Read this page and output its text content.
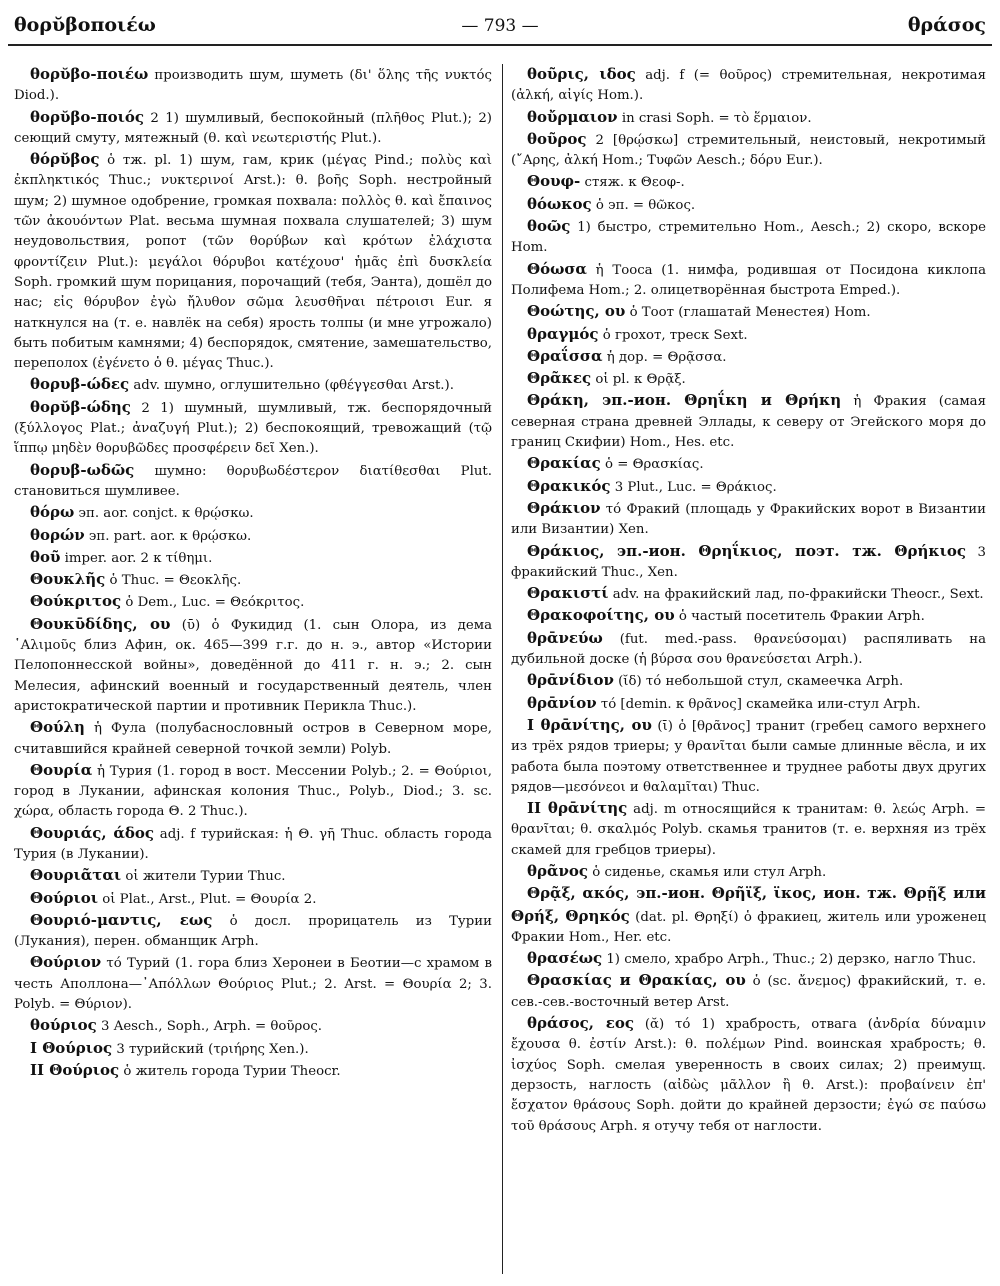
θορῠβοποιέω	— 793 —	θράσος

θορῠβο-ποιέω производить шум, шуметь (δι' ὅλης τῆς νυκτός Diod.).

θορῠβο-ποιός 2 1) шумливый, беспокойный (πλῆθος Plut.); 2) сеющий смуту, мятежный (θ. καὶ νεωτεριστής Plut.).

θόρῠβος ὁ тж. pl. 1) шум, гам, крик (μέγας Pind.; πολὺς καὶ ἐκπληκτικός Thuc.; νυκτερινοί Arst.): θ. βοῆς Soph. нестройный шум; 2) шумное одобрение, громкая похвала: πολλὸς θ. καὶ ἔπαινος τῶν ἀκουόντων Plat. весьма шумная похвала слушателей; 3) шум неудовольствия, ропот (τῶν θορύβων καὶ κρότων ἐλάχιστα φροντίζειν Plut.): μεγάλοι θόρυβοι κατέχουσ' ἡμᾶς ἐπὶ δυσκλεία Soph. громкий шум порицания, порочащий (тебя, Эанта), дошёл до нас; εἰς θόρυβον ἐγὼ ἤλυθον σῶμα λευσθῆναι πέτροισι Eur. я наткнулся на (т. е. навлёк на себя) ярость толпы (и мне угрожало) быть побитым камнями; 4) беспорядок, смятение, замешательство, переполох (ἐγένετο ὁ θ. μέγας Thuc.).

θορυβ-ώδες adv. шумно, оглушительно (φθέγγεσθαι Arst.).

θορῠβ-ώδης 2 1) шумный, шумливый, тж. беспорядочный (ξύλλογος Plat.; ἀναζυγή Plut.); 2) беспокоящий, тревожащий (τῷ ἵππῳ μηδὲν θορυβῶδες προσφέρειν δεῖ Xen.).

θορυβ-ωδῶς шумно: θορυβωδέστερον διατίθεσθαι Plut. становиться шумливее.

θόρω эп. aor. conjct. к θρῴσκω.

θορών эп. part. aor. к θρῴσκω.

θοῦ imper. aor. 2 к τίθημι.

Θουκλῆς ὁ Thuc. = Θεοκλῆς.

Θούκριτος ὁ Dem., Luc. = Θεόκριτος.

Θουκῡδίδης, ου (ῡ) ὁ Фукидид (1. сын Олора, из дема ῾Αλιμοῦς близ Афин, ок. 465—399 г.г. до н. э., автор «Истории Пелопоннесской войны», доведённой до 411 г. н. э.; 2. сын Мелесия, афинский военный и государственный деятель, член аристократической партии и противник Перикла Thuc.).

Θούλη ἡ Фула (полубаснословный остров в Северном море, считавшийся крайней северной точкой земли) Polyb.

Θουρία ἡ Турия (1. город в вост. Мессении Polyb.; 2. = Θούριοι, город в Лукании, афинская колония Thuc., Polyb., Diod.; 3. sc. χώρα, область города Θ. 2 Thuc.).

Θουριάς, άδος adj. f турийская: ἡ Θ. γῆ Thuc. область города Турия (в Лукании).

Θουριᾶται οἱ жители Турии Thuc.

Θούριοι οἱ Plat., Arst., Plut. = Θουρία 2.

Θουριό-μαντις, εως ὁ досл. прорицатель из Турии (Лукания), перен. обманщик Arph.

Θούριον τό Турий (1. гора близ Херонеи в Беотии—с храмом в честь Аполлона—᾿Απόλλων Θούριος Plut.; 2. Arst. = Θουρία 2; 3. Polyb. = Θύριον).

θούριος 3 Aesch., Soph., Arph. = θοῦρος.

I Θούριος 3 турийский (τριήρης Xen.).

II Θούριος ὁ житель города Турии Theocr.

θοῦρις, ιδος adj. f (= θοῦρος) стремительная, некротимая (ἀλκή, αἰγίς Hom.).

θοὔρμαιον in crasi Soph. = τὸ ἕρμαιον.

θοῦρος 2 [θρῴσκω] стремительный, неистовый, некротимый (῎Αρης, ἀλκή Hom.; Τυφῶν Aesch.; δόρυ Eur.).

Θουφ- стяж. к Θεοφ-.

θόωκος ὁ эп. = θῶκος.

θοῶς 1) быстро, стремительно Hom., Aesch.; 2) скоро, вскоре Hom.

Θόωσα ἡ Тооса (1. нимфа, родившая от Посидона киклопа Полифема Hom.; 2. олицетворённая быстрота Emped.).

Θοώτης, ου ὁ Тоот (глашатай Менестея) Hom.

θραγμός ὁ грохот, треск Sext.

Θραΐσσα ἡ дор. = Θρᾷσσα.

Θρᾶκες οἱ pl. к Θρᾷξ.

Θράκη, эп.-ион. Θρηΐκη и Θρήκη ἡ Фракия (самая северная страна древней Эллады, к северу от Эгейского моря до границ Скифии) Hom., Hes. etc.

Θρακίας ὁ = Θρασκίας.

Θρακικός 3 Plut., Luc. = Θράκιος.

Θράκιον τό Фракий (площадь у Фракийских ворот в Византии или Византии) Xen.

Θράκιος, эп.-ион. Θρηΐκιος, поэт. тж. Θρήκιος 3 фракийский Thuc., Xen.

Θρακιστί adv. на фракийский лад, по-фракийски Theocr., Sext.

Θρακοφοίτης, ου ὁ частый посетитель Фракии Arph.

θρᾱνεύω (fut. med.-pass. θρανεύσομαι) распяливать на дубильной доске (ἡ βύρσα σου θρανεύσεται Arph.).

θρᾱνίδιον (ῐδ) τό небольшой стул, скамеечка Arph.

θρᾱνίον τό [demin. к θρᾶνος] скамейка или-стул Arph.

I θρᾱνίτης, ου (ῑ) ὁ [θρᾶνος] транит (гребец самого верхнего из трёх рядов триеры; у θρανῖται были самые длинные вёсла, и их работа была поэтому ответственнее и труднее работы двух других рядов—μεσόνεοι и θαλαμῖται) Thuc.

II θρᾱνίτης adj. m относящийся к транитам: θ. λεώς Arph. = θρανῖται; θ. σκαλμός Polyb. скамья транитов (т. е. верхняя из трёх скамей для гребцов триеры).

θρᾶνος ὁ сиденье, скамья или стул Arph.

Θρᾷξ, ακός, эп.-ион. Θρῆϊξ, ϊκος, ион. тж. Θρῇξ или Θρήξ, Θρηκός (dat. pl. Θρηξί) ὁ фракиец, житель или уроженец Фракии Hom., Her. etc.

θρασέως 1) смело, храбро Arph., Thuc.; 2) дерзко, нагло Thuc.

Θρασκίας и Θρακίας, ου ὁ (sc. ἄνεμος) фракийский, т. е. сев.-сев.-восточный ветер Arst.

θράσος, εος (ᾰ) τό 1) храбрость, отвага (ἀνδρία δύναμιν ἔχουσα θ. ἐστίν Arst.): θ. πολέμων Pind. воинская храбрость; θ. ἰσχύος Soph. смелая уверенность в своих силах; 2) преимущ. дерзость, наглость (αἰδὼς μᾶλλον ἢ θ. Arst.): προβαίνειν ἐπ' ἔσχατον θράσους Soph. дойти до крайней дерзости; ἐγώ σε παύσω τοῦ θράσους Arph. я отучу тебя от наглости.
